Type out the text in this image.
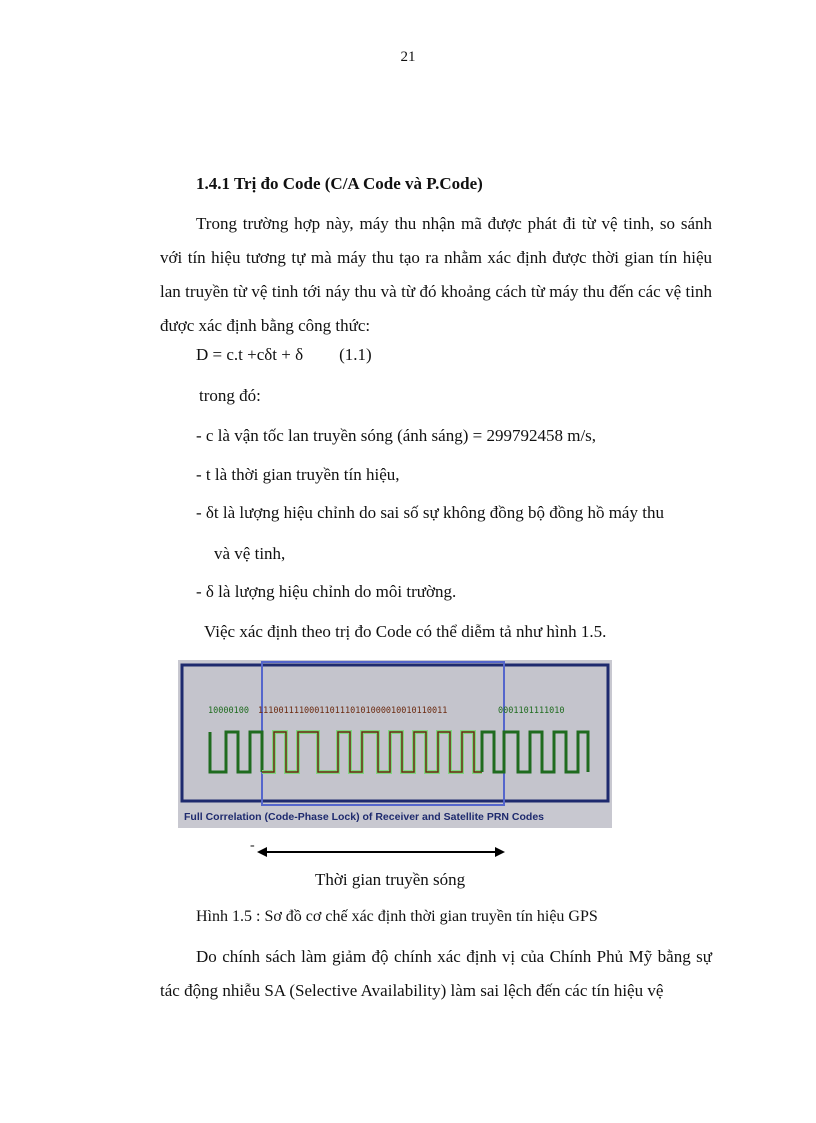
21
1.4.1 Trị đo Code (C/A Code và P.Code)

Trong trường hợp này, máy thu nhận mã được phát đi từ vệ tinh, so sánh với tín hiệu tương tự mà máy thu tạo ra nhằm xác định được thời gian tín hiệu lan truyền từ vệ tinh tới náy thu và từ đó khoảng cách từ máy thu đến các vệ tinh được xác định bằng công thức:

D = c.t +cδt + δ (1.1)
trong đó:
- c là vận tốc lan truyền sóng (ánh sáng) = 299792458 m/s,
- t là thời gian truyền tín hiệu,
- δt là lượng hiệu chỉnh do sai số sự không đồng bộ đồng hồ máy thu
và vệ tinh,
- δ là lượng hiệu chỉnh do môi trường.
Việc xác định theo trị đo Code có thể diễm tả như hình 1.5.
10000100 1110011110001101110101000010010110011	0001101111010
Full Correlation (Code-Phase Lock) of Receiver and Satellite PRN Codes
-
Thời gian truyền sóng
Hình 1.5 : Sơ đồ cơ chế xác định thời gian truyền tín hiệu GPS

Do chính sách làm giảm độ chính xác định vị của Chính Phủ Mỹ bằng sự tác động nhiễu SA (Selective Availability) làm sai lệch đến các tín hiệu vệ
